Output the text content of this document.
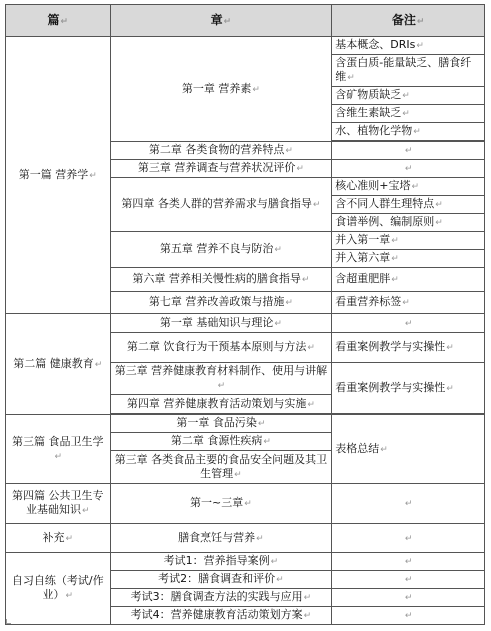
篇↵	章↵	备注↵
第一篇 营养学↵	第一章 营养素↵	基本概念、DRIs↵
		含蛋白质-能量缺乏、膳食纤维↵
		含矿物质缺乏↵
		含维生素缺乏↵
		水、植物化学物↵

	第二章 各类食物的营养特点↵	↵
	第三章 营养调查与营养状况评价↵	↵
	第四章 各类人群的营养需求与膳食指导↵	核心准则+宝塔↵
		含不同人群生理特点↵
		食谱举例、编制原则↵
	第五章 营养不良与防治↵	并入第一章↵
		并入第六章↵
	第六章 营养相关慢性病的膳食指导↵	含超重肥胖↵
	第七章 营养改善政策与措施↵	看重营养标签↵
第二篇 健康教育↵	第一章 基础知识与理论↵	↵
	第二章 饮食行为干预基本原则与方法↵	看重案例教学与实操性↵
	第三章 营养健康教育材料制作、使用与讲解↵	看重案例教学与实操性↵
	第四章 营养健康教育活动策划与实施↵	

第三篇 食品卫生学↵	第一章 食品污染↵	表格总结↵
	第二章 食源性疾病↵	
	第三章 各类食品主要的食品安全问题及其卫生管理↵	
第四篇 公共卫生专业基础知识↵	第一~三章↵	↵
补充↵	膳食烹饪与营养↵	↵
自习自练（考试/作业）↵	考试1：营养指导案例↵	↵
	考试2：膳食调查和评价↵	↵
	考试3：膳食调查方法的实践与应用↵	↵
	考试4：营养健康教育活动策划方案↵	↵
